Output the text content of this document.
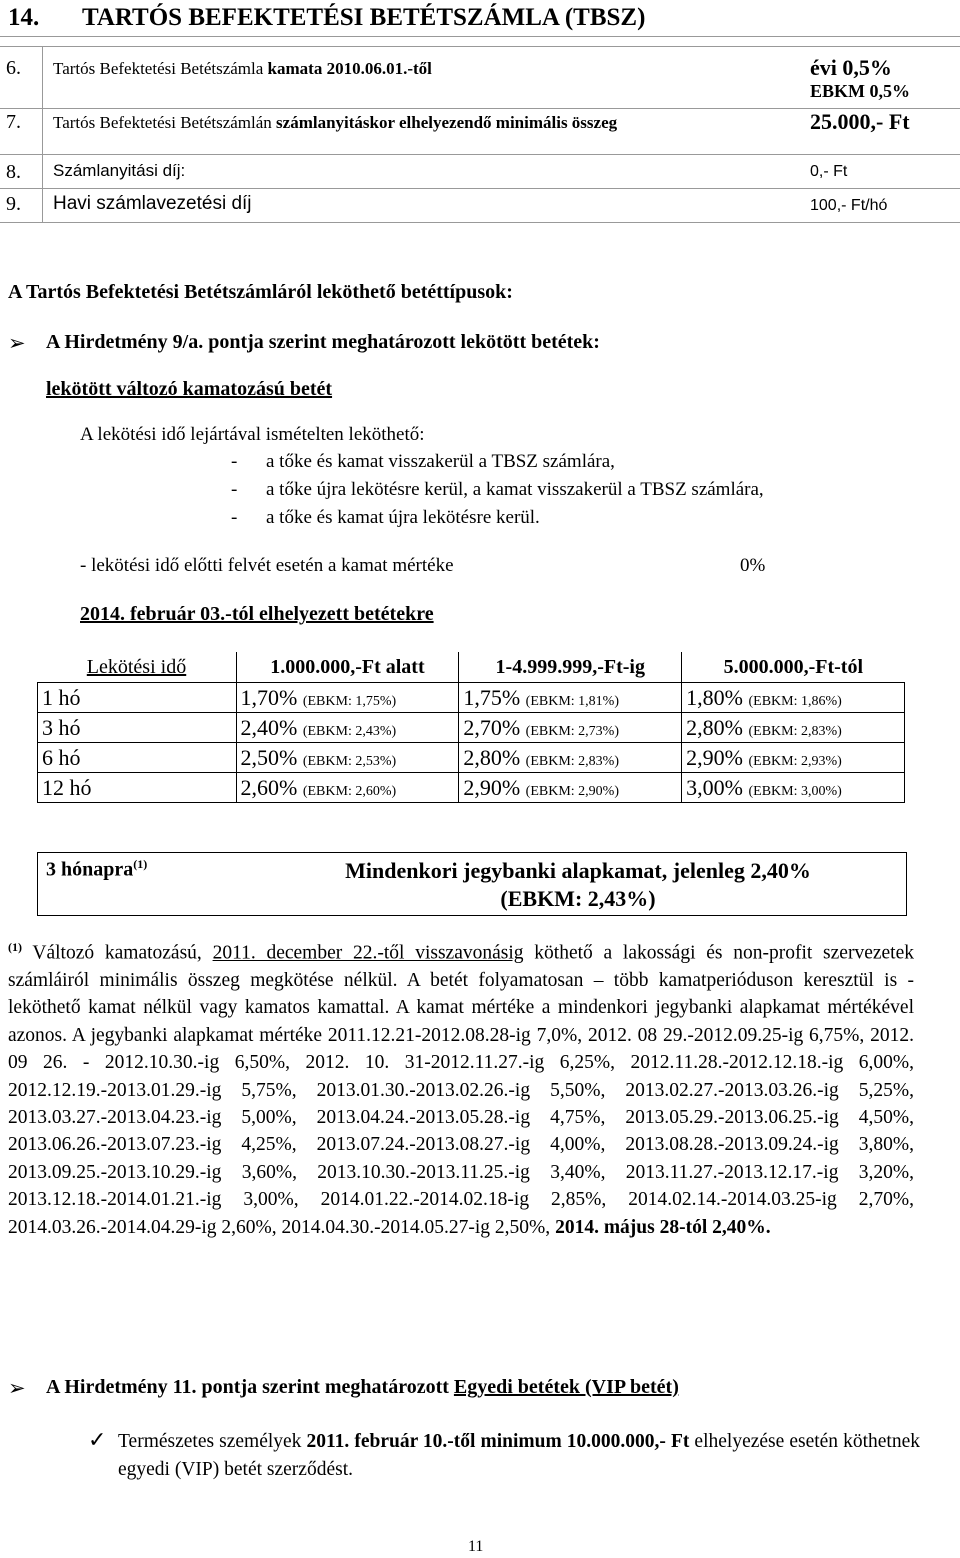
14. TARTÓS BEFEKTETÉSI BETÉTSZÁMLA (TBSZ)
6.	Tartós Befektetési Betétszámla kamata 2010.06.01.-től	évi 0,5%
EBKM 0,5%

7.	Tartós Befektetési Betétszámlán számlanyitáskor elhelyezendő minimális összeg	25.000,- Ft
8.	Számlanyitási díj:	0,- Ft
9.	Havi számlavezetési díj	100,- Ft/hó
A Tartós Befektetési Betétszámláról leköthető betéttípusok:
➢ A Hirdetmény 9/a. pontja szerint meghatározott lekötött betétek:
lekötött változó kamatozású betét
A lekötési idő lejártával ismételten leköthető:
- a tőke és kamat visszakerül a TBSZ számlára,
- a tőke újra lekötésre kerül, a kamat visszakerül a TBSZ számlára,
- a tőke és kamat újra lekötésre kerül.
- lekötési idő előtti felvét esetén a kamat mértéke	0%
2014. február 03.-tól elhelyezett betétekre
Lekötési idő	1.000.000,-Ft alatt	1-4.999.999,-Ft-ig	5.000.000,-Ft-tól
1 hó	1,70% (EBKM: 1,75%)	1,75% (EBKM: 1,81%)	1,80% (EBKM: 1,86%)
3 hó	2,40% (EBKM: 2,43%)	2,70% (EBKM: 2,73%)	2,80% (EBKM: 2,83%)
6 hó	2,50% (EBKM: 2,53%)	2,80% (EBKM: 2,83%)	2,90% (EBKM: 2,93%)
12 hó	2,60% (EBKM: 2,60%)	2,90% (EBKM: 2,90%)	3,00% (EBKM: 3,00%)
3 hónapra$^{(1)}$	Mindenkori jegybanki alapkamat, jelenleg 2,40%
(EBKM: 2,43%)
$^{(1)}$ Változó kamatozású, 2011. december 22.-től visszavonásig köthető a lakossági és non-profit szervezetek számláiról minimális összeg megkötése nélkül. A betét folyamatosan – több kamatperióduson keresztül is - leköthető kamat nélkül vagy kamatos kamattal. A kamat mértéke a mindenkori jegybanki alapkamat mértékével azonos. A jegybanki alapkamat mértéke 2011.12.21-2012.08.28-ig 7,0%, 2012. 08 29.-2012.09.25-ig 6,75%, 2012. 09 26. - 2012.10.30.-ig 6,50%, 2012. 10. 31-2012.11.27.-ig 6,25%, 2012.11.28.-2012.12.18.-ig 6,00%, 2012.12.19.-2013.01.29.-ig 5,75%, 2013.01.30.-2013.02.26.-ig 5,50%, 2013.02.27.-2013.03.26.-ig 5,25%, 2013.03.27.-2013.04.23.-ig 5,00%, 2013.04.24.-2013.05.28.-ig 4,75%, 2013.05.29.-2013.06.25.-ig 4,50%, 2013.06.26.-2013.07.23.-ig 4,25%, 2013.07.24.-2013.08.27.-ig 4,00%, 2013.08.28.-2013.09.24.-ig 3,80%, 2013.09.25.-2013.10.29.-ig 3,60%, 2013.10.30.-2013.11.25.-ig 3,40%, 2013.11.27.-2013.12.17.-ig 3,20%, 2013.12.18.-2014.01.21.-ig 3,00%, 2014.01.22.-2014.02.18-ig 2,85%, 2014.02.14.-2014.03.25-ig 2,70%, 2014.03.26.-2014.04.29-ig 2,60%, 2014.04.30.-2014.05.27-ig 2,50%, 2014. május 28-tól 2,40%.
➢ A Hirdetmény 11. pontja szerint meghatározott Egyedi betétek (VIP betét)
✓ Természetes személyek 2011. február 10.-től minimum 10.000.000,- Ft elhelyezése esetén köthetnek egyedi (VIP) betét szerződést.
11
